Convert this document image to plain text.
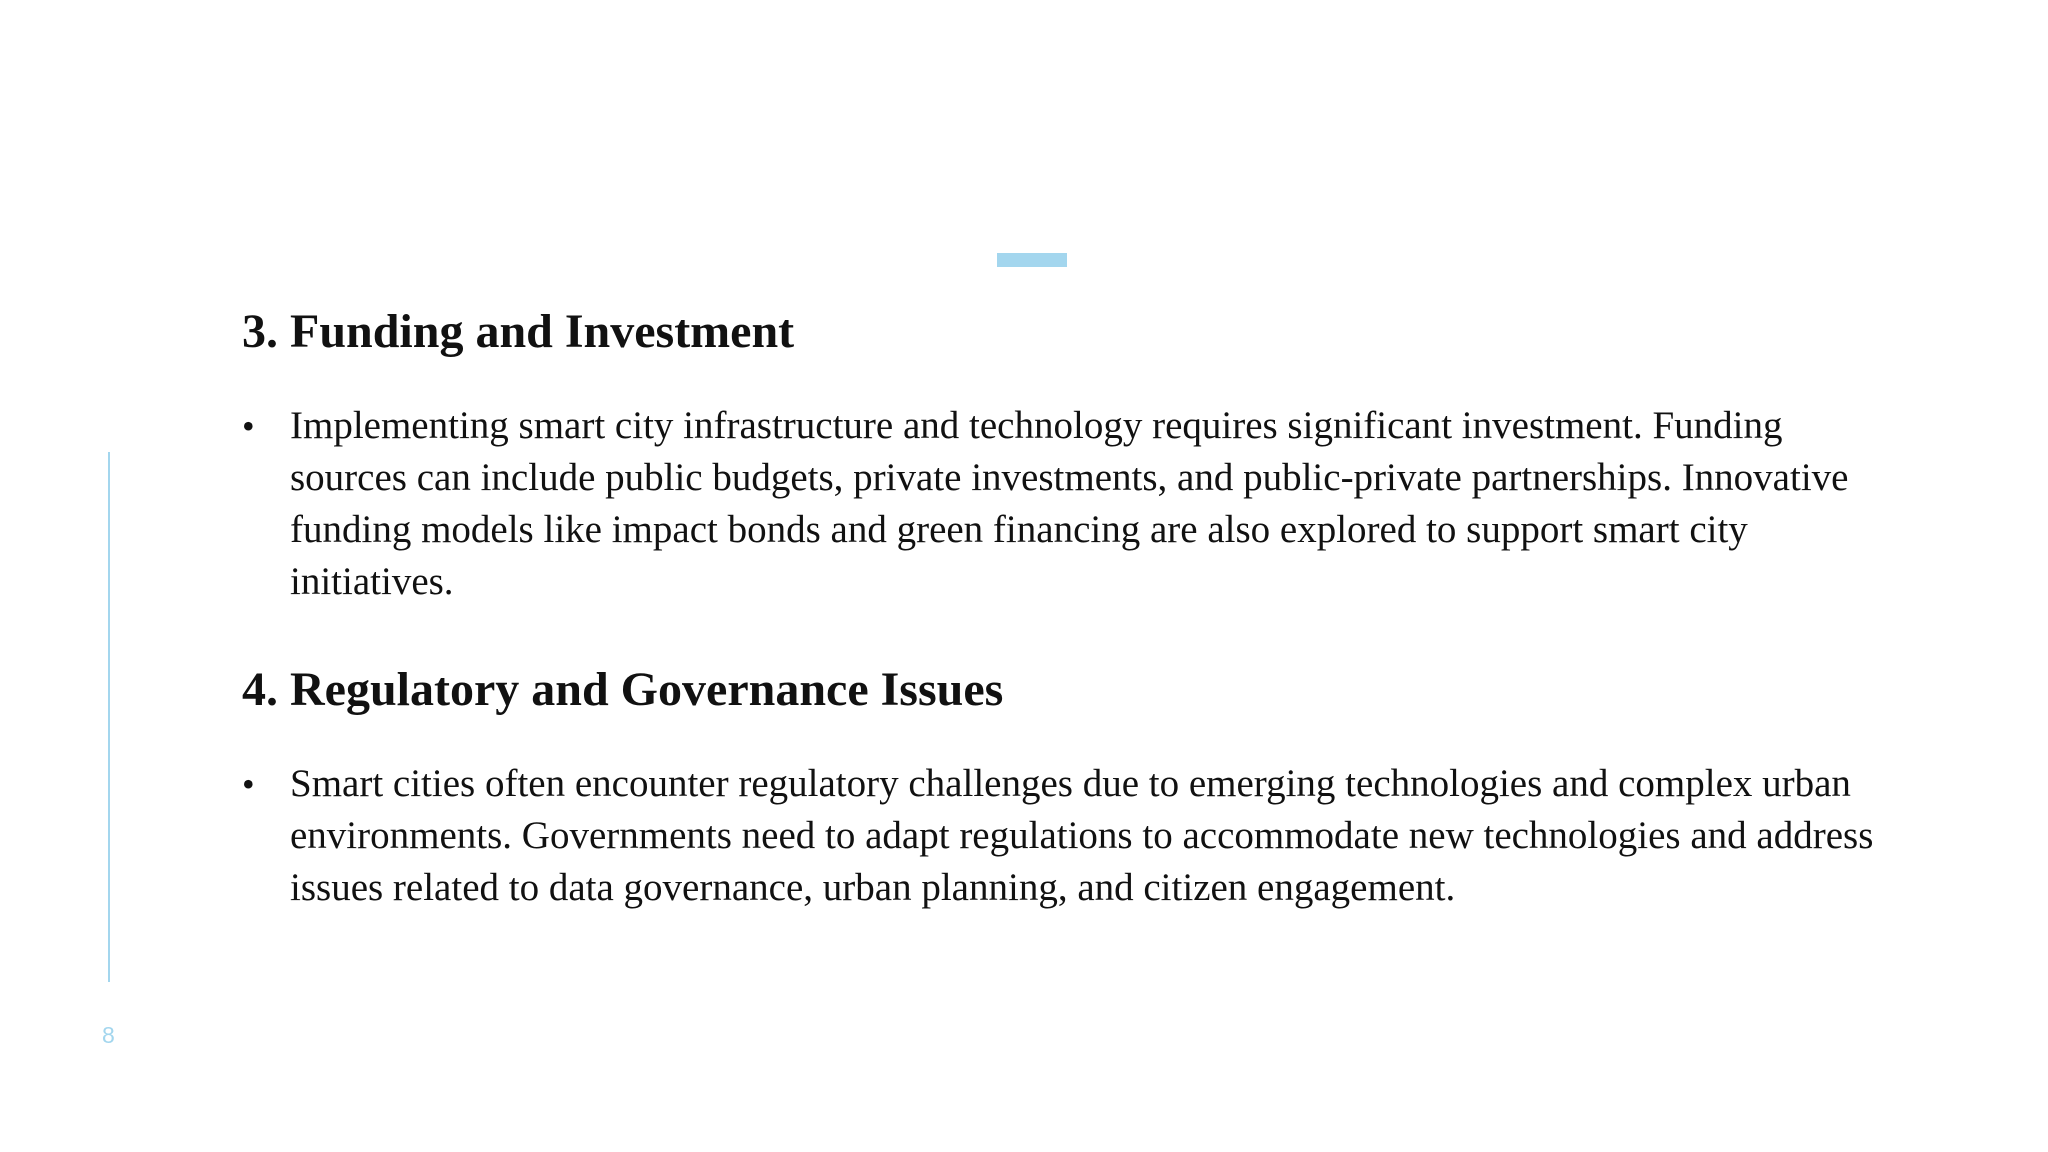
3. Funding and Investment
• Implementing smart city infrastructure and technology requires significant investment. Funding sources can include public budgets, private investments, and public-private partnerships. Innovative funding models like impact bonds and green financing are also explored to support smart city initiatives.

4. Regulatory and Governance Issues
• Smart cities often encounter regulatory challenges due to emerging technologies and complex urban environments. Governments need to adapt regulations to accommodate new technologies and address issues related to data governance, urban planning, and citizen engagement.

8
